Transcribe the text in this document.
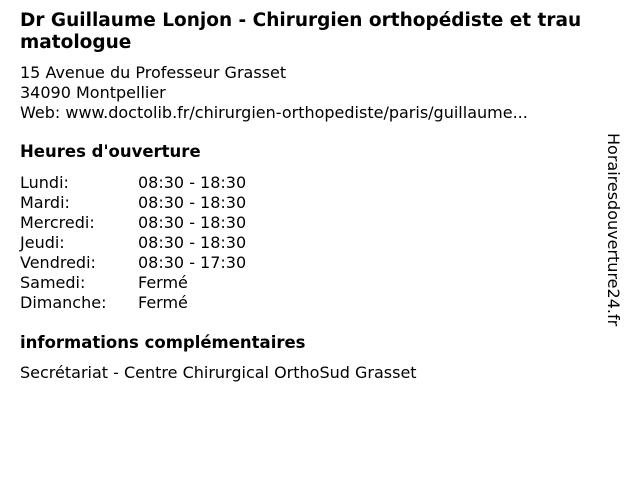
Dr Guillaume Lonjon - Chirurgien orthopédiste et traumatologue
15 Avenue du Professeur Grasset
34090 Montpellier
Web: www.doctolib.fr/chirurgien-orthopediste/paris/guillaume...
Heures d'ouverture
Lundi:	08:30 - 18:30
Mardi:	08:30 - 18:30
Mercredi:	08:30 - 18:30
Jeudi:	08:30 - 18:30
Vendredi:	08:30 - 17:30
Samedi:	Fermé
Dimanche:	Fermé
informations complémentaires
Secrétariat - Centre Chirurgical OrthoSud Grasset
Horairesdouverture24.fr
